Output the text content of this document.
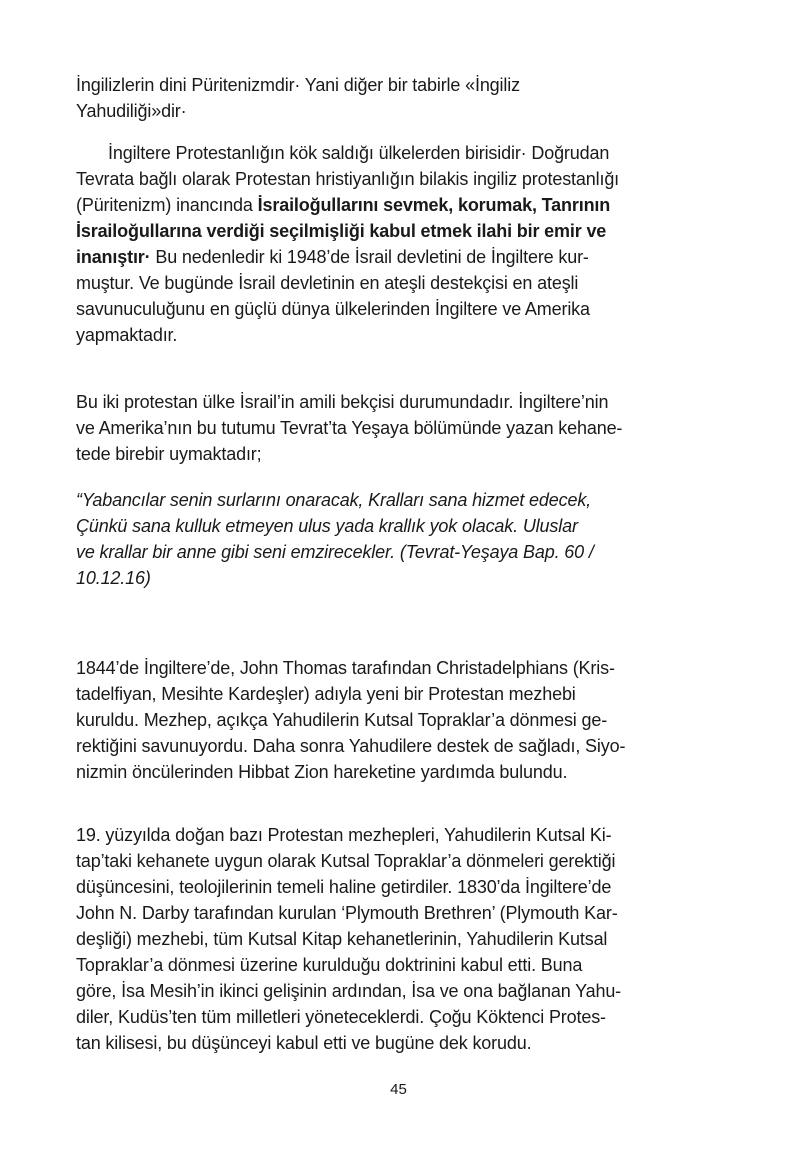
İngilizlerin dini Püritenizmdir· Yani diğer bir tabirle «İngiliz
Yahudiliği»dir·
İngiltere Protestanlığın kök saldığı ülkelerden birisidir· Doğrudan
Tevrata bağlı olarak Protestan hristiyanlığın bilakis ingiliz protestanlığı
(Püritenizm) inancında İsrailoğullarını sevmek, korumak, Tanrının
İsrailoğullarına verdiği seçilmişliği kabul etmek ilahi bir emir ve
inanıştır· Bu nedenledir ki 1948’de İsrail devletini de İngiltere kur-
muştur. Ve bugünde İsrail devletinin en ateşli destekçisi en ateşli
savunuculuğunu en güçlü dünya ülkelerinden İngiltere ve Amerika
yapmaktadır.
Bu iki protestan ülke İsrail’in amili bekçisi durumundadır. İngiltere’nin
ve Amerika’nın bu tutumu Tevrat’ta Yeşaya bölümünde yazan kehane-
tede birebir uymaktadır;
“Yabancılar senin surlarını onaracak, Kralları sana hizmet edecek,
Çünkü sana kulluk etmeyen ulus yada krallık yok olacak. Uluslar
ve krallar bir anne gibi seni emzirecekler. (Tevrat-Yeşaya Bap. 60 /
10.12.16)
1844’de İngiltere’de, John Thomas tarafından Christadelphians (Kris-
tadelfiyan, Mesihte Kardeşler) adıyla yeni bir Protestan mezhebi
kuruldu. Mezhep, açıkça Yahudilerin Kutsal Topraklar’a dönmesi ge-
rektiğini savunuyordu. Daha sonra Yahudilere destek de sağladı, Siyo-
nizmin öncülerinden Hibbat Zion hareketine yardımda bulundu.
19. yüzyılda doğan bazı Protestan mezhepleri, Yahudilerin Kutsal Ki-
tap’taki kehanete uygun olarak Kutsal Topraklar’a dönmeleri gerektiği
düşüncesini, teolojilerinin temeli haline getirdiler. 1830’da İngiltere’de
John N. Darby tarafından kurulan ‘Plymouth Brethren’ (Plymouth Kar-
deşliği) mezhebi, tüm Kutsal Kitap kehanetlerinin, Yahudilerin Kutsal
Topraklar’a dönmesi üzerine kurulduğu doktrinini kabul etti. Buna
göre, İsa Mesih’in ikinci gelişinin ardından, İsa ve ona bağlanan Yahu-
diler, Kudüs’ten tüm milletleri yöneteceklerdi. Çoğu Köktenci Protes-
tan kilisesi, bu düşünceyi kabul etti ve bugüne dek korudu.
45
